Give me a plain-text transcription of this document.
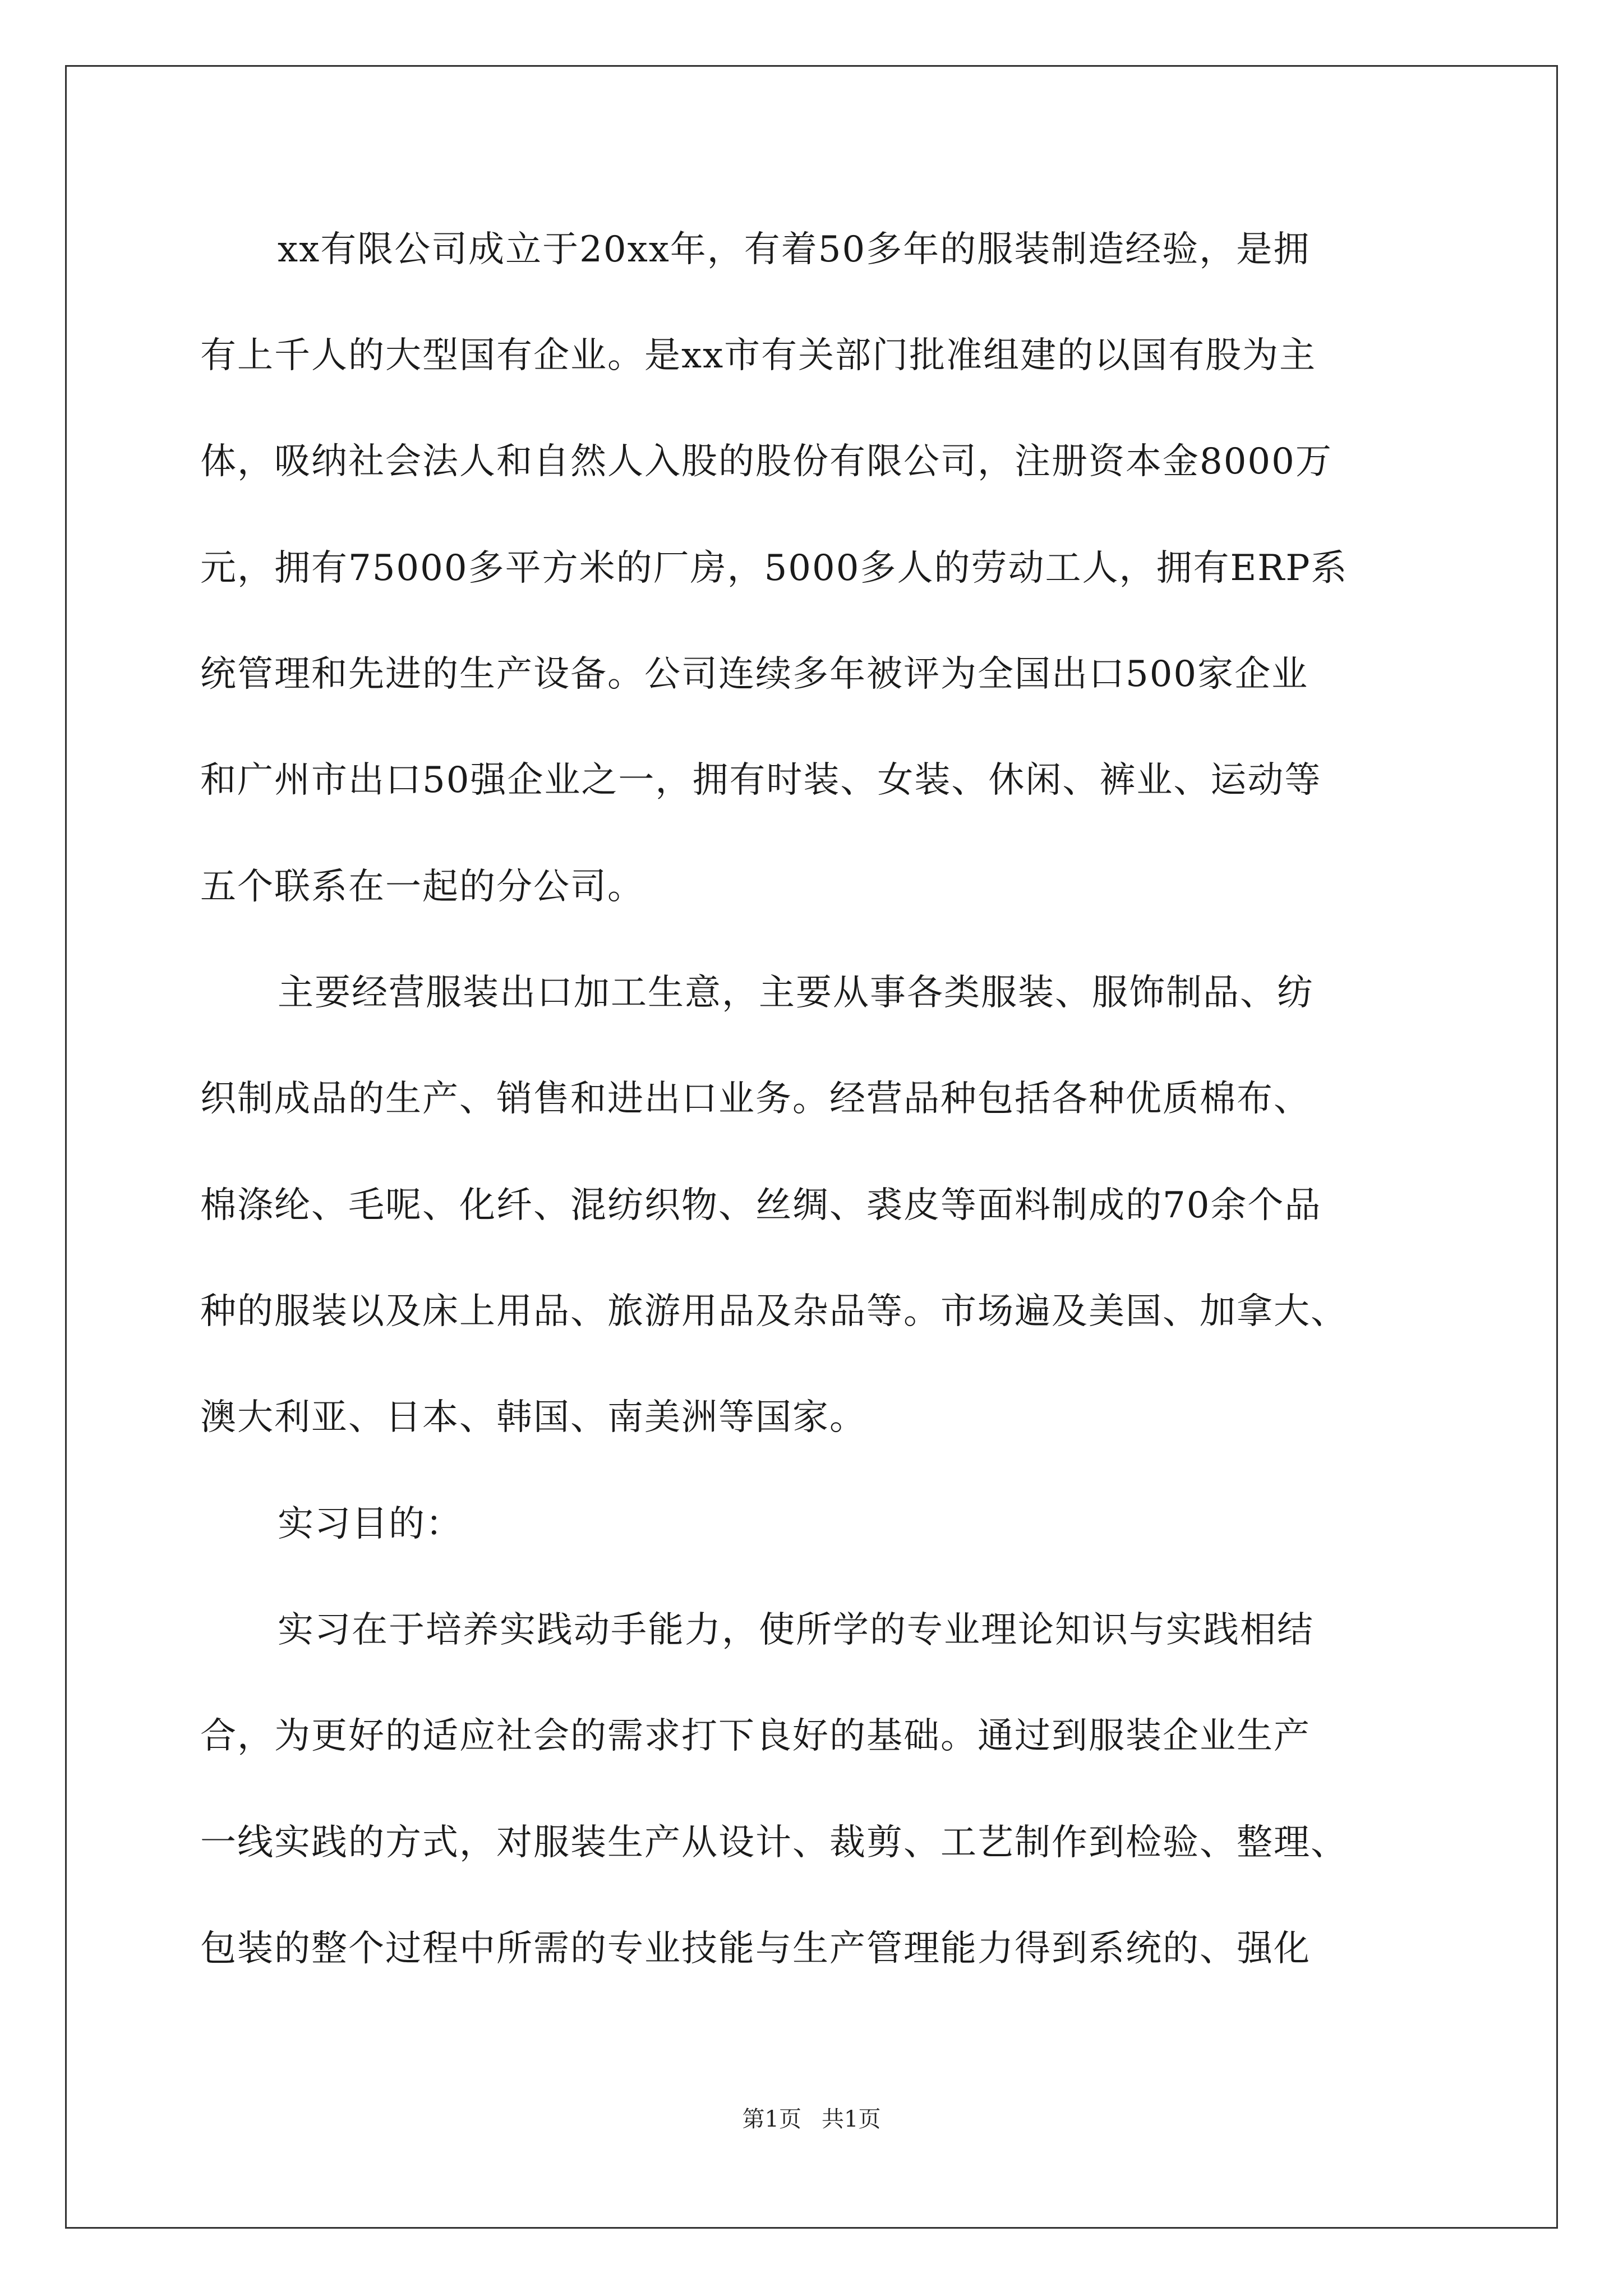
xx有限公司成立于20xx年，有着50多年的服装制造经验，是拥
有上千人的大型国有企业。是xx市有关部门批准组建的以国有股为主
体，吸纳社会法人和自然人入股的股份有限公司，注册资本金8000万
元，拥有75000多平方米的厂房，5000多人的劳动工人，拥有ERP系
统管理和先进的生产设备。公司连续多年被评为全国出口500家企业
和广州市出口50强企业之一，拥有时装、女装、休闲、裤业、运动等
五个联系在一起的分公司。
主要经营服装出口加工生意，主要从事各类服装、服饰制品、纺
织制成品的生产、销售和进出口业务。经营品种包括各种优质棉布、
棉涤纶、毛呢、化纤、混纺织物、丝绸、裘皮等面料制成的70余个品
种的服装以及床上用品、旅游用品及杂品等。市场遍及美国、加拿大、
澳大利亚、日本、韩国、南美洲等国家。
实习目的：
实习在于培养实践动手能力，使所学的专业理论知识与实践相结
合，为更好的适应社会的需求打下良好的基础。通过到服装企业生产
一线实践的方式，对服装生产从设计、裁剪、工艺制作到检验、整理、
包装的整个过程中所需的专业技能与生产管理能力得到系统的、强化
第1页 共1页
